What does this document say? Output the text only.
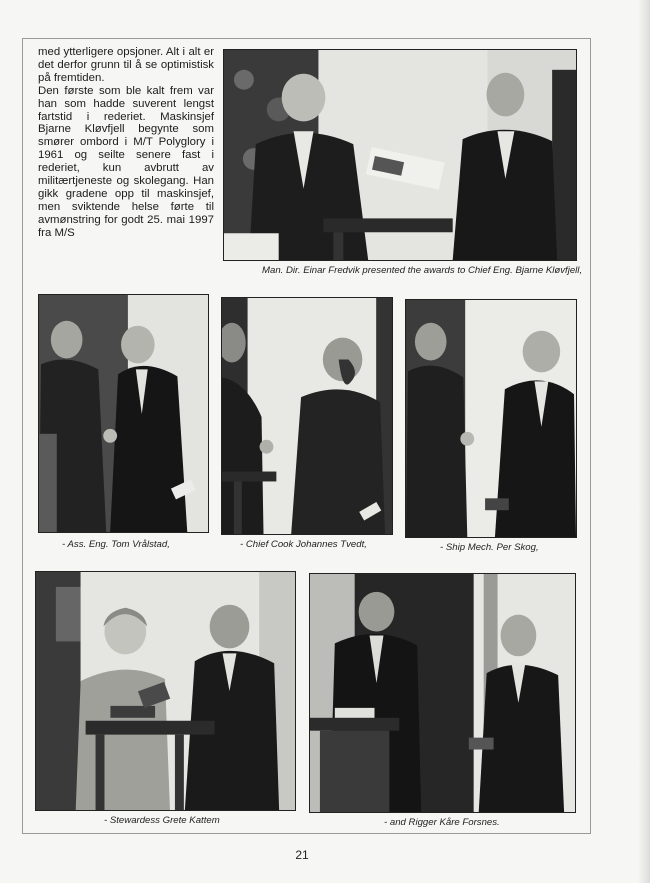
med ytterligere opsjoner. Alt i alt er det derfor grunn til å se optimistisk på fremtiden.

Den første som ble kalt frem var han som hadde suverent lengst fartstid i rederiet. Maskinsjef Bjarne Kløvfjell begynte som smører ombord i M/T Polyglory i 1961 og seilte senere fast i rederiet, kun avbrutt av militærtjeneste og skolegang. Han gikk gradene opp til maskinsjef, men sviktende helse førte til avmønstring for godt 25. mai 1997 fra M/S

Man. Dir. Einar Fredvik presented the awards to Chief Eng. Bjarne Kløvfjell,
- Ass. Eng. Tom Vrålstad,	- Chief Cook Johannes Tvedt,	- Ship Mech. Per Skog,
- Stewardess Grete Kattem	- and Rigger Kåre Forsnes.
21
